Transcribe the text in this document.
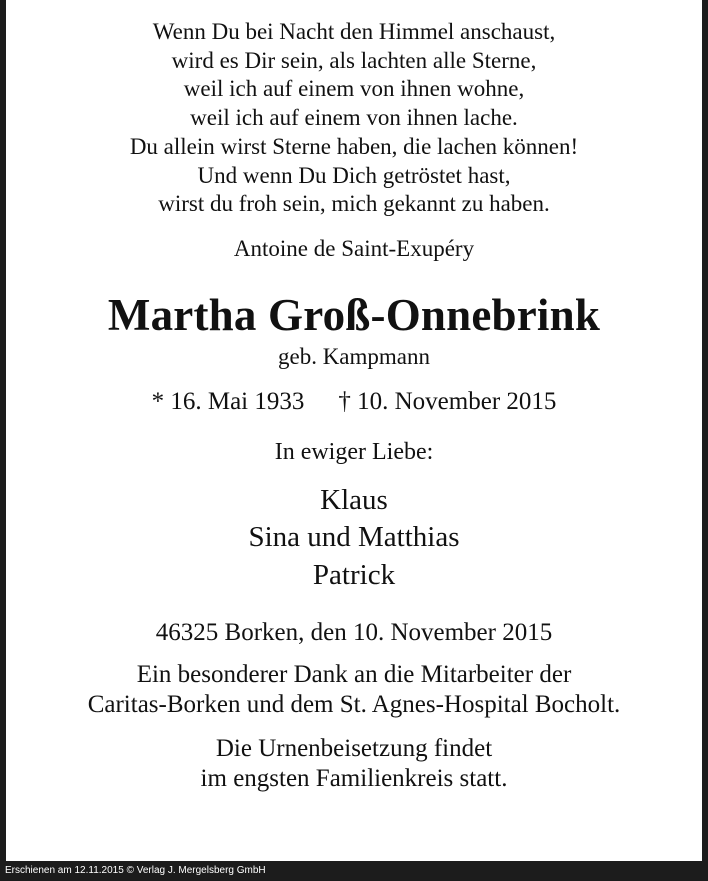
Wenn Du bei Nacht den Himmel anschaust,
wird es Dir sein, als lachten alle Sterne,
weil ich auf einem von ihnen wohne,
weil ich auf einem von ihnen lache.
Du allein wirst Sterne haben, die lachen können!
Und wenn Du Dich getröstet hast,
wirst du froh sein, mich gekannt zu haben.
Antoine de Saint-Exupéry
Martha Groß-Onnebrink
geb. Kampmann
* 16. Mai 1933 † 10. November 2015
In ewiger Liebe:
Klaus
Sina und Matthias
Patrick
46325 Borken, den 10. November 2015
Ein besonderer Dank an die Mitarbeiter der
Caritas-Borken und dem St. Agnes-Hospital Bocholt.
Die Urnenbeisetzung findet
im engsten Familienkreis statt.
Erschienen am 12.11.2015 © Verlag J. Mergelsberg GmbH
